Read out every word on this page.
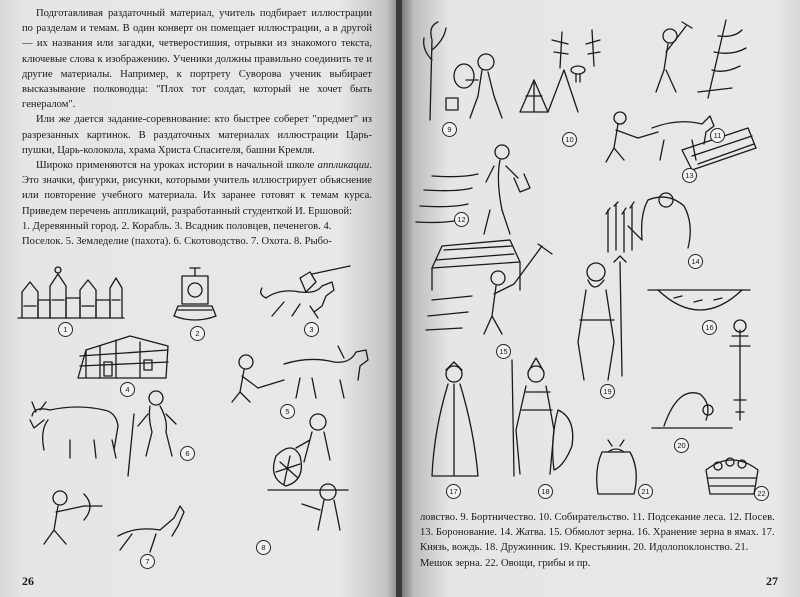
Подготавливая раздаточный материал, учитель подбирает иллюстрации по разделам и темам. В один конверт он помещает иллюстрации, а в другой — их названия или загадки, четверостишия, отрывки из знакомого текста, ключевые слова к изображению. Ученики должны правильно соединить те и другие материалы. Например, к портрету Суворова ученик выбирает высказывание полководца: "Плох тот солдат, который не хочет быть генералом".

Или же дается задание-соревнование: кто быстрее соберет "предмет" из разрезанных картинок. В раздаточных материалах иллюстрации Царь-пушки, Царь-колокола, храма Христа Спасителя, башни Кремля.

Широко применяются на уроках истории в начальной школе аппликации. Это значки, фигурки, рисунки, которыми учитель иллюстрирует объяснение или повторение учебного материала. Их заранее готовят к темам курса. Приведем перечень аппликаций, разработанный студенткой И. Ершовой:

1. Деревянный город. 2. Корабль. 3. Всадник половцев, печенегов. 4. Поселок. 5. Земледелие (пахота). 6. Скотоводство. 7. Охота. 8. Рыбо-

1	2	3
4
5
6
7
8
26
9
10	11
12
13
14
15
16
17	18
19
20
21	22
ловство. 9. Бортничество. 10. Собирательство. 11. Подсекание леса. 12. Посев. 13. Боронование. 14. Жатва. 15. Обмолот зерна. 16. Хранение зерна в ямах. 17. Князь, вождь. 18. Дружинник. 19. Крестьянин. 20. Идолопоклонство. 21. Мешок зерна. 22. Овощи, грибы и пр.
27
